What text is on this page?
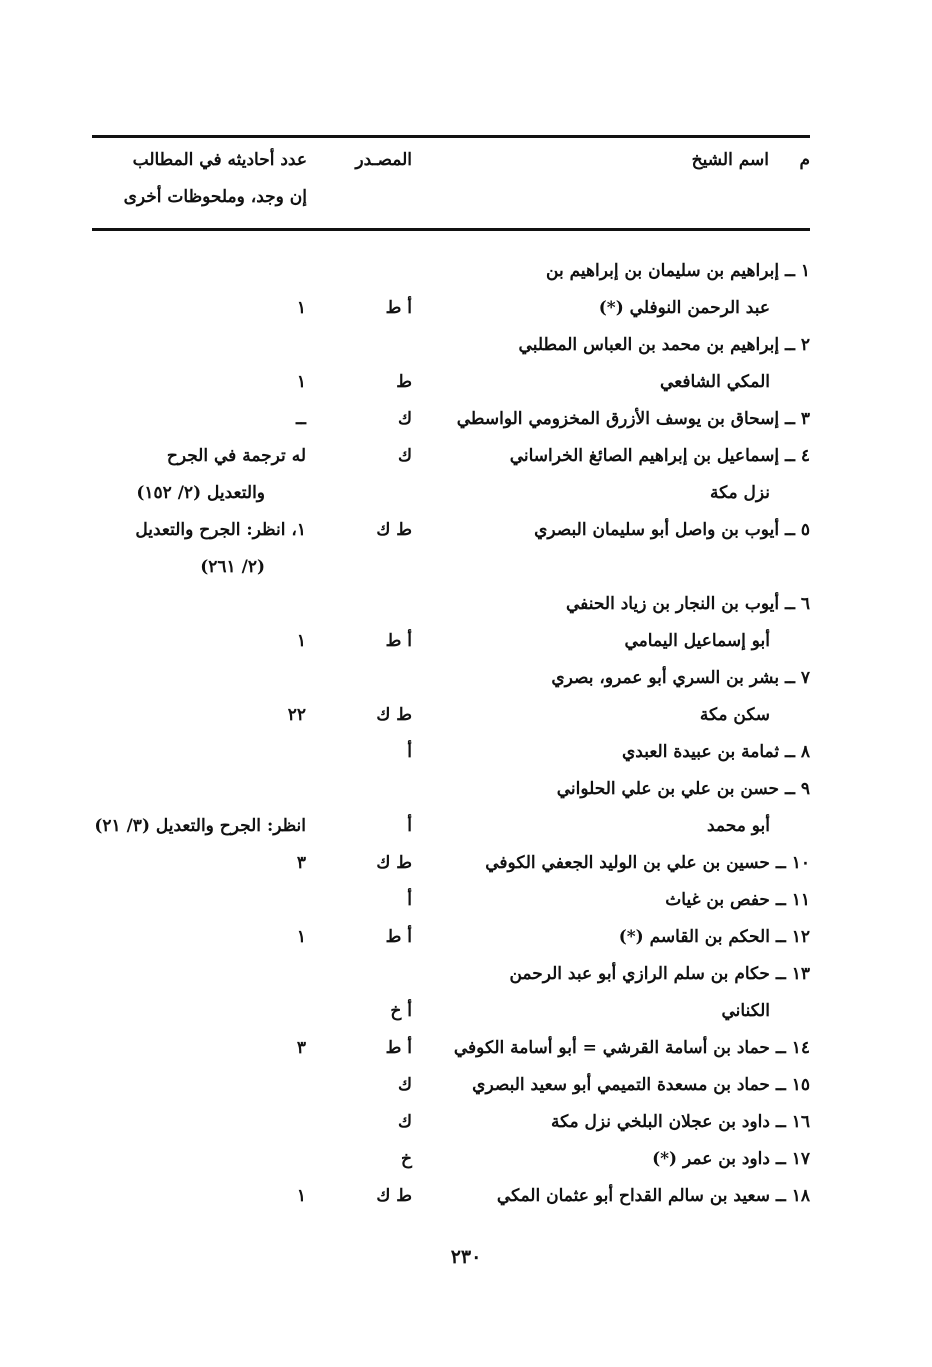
م
اسم الشيخ
المصـدر
عدد أحاديثه في المطالب
إن وجد، وملحوظات أخرى
١ ــ إبراهيم بن سليمان بن إبراهيم بن
عبد الرحمن النوفلي (*)
أ ط
١
٢ ــ إبراهيم بن محمد بن العباس المطلبي
المكي الشافعي
ط
١
٣ ــ إسحاق بن يوسف الأزرق المخزومي الواسطي
ك
ــ
٤ ــ إسماعيل بن إبراهيم الصائغ الخراساني
ك
له ترجمة في الجرح
نزل مكة
والتعديل (٢/ ١٥٢)
٥ ــ أيوب بن واصل أبو سليمان البصري
ط ك
١، انظر: الجرح والتعديل
(٢/ ٢٦١)
٦ ــ أيوب بن النجار بن زياد الحنفي
أبو إسماعيل اليمامي
أ ط
١
٧ ــ بشر بن السري أبو عمرو، بصري
سكن مكة
ط ك
٢٢
٨ ــ ثمامة بن عبيدة العبدي
أ
٩ ــ حسن بن علي بن علي الحلواني
أبو محمد
أ
انظر: الجرح والتعديل (٣/ ٢١)
١٠ ــ حسين بن علي بن الوليد الجعفي الكوفي
ط ك
٣
١١ ــ حفص بن غياث
أ
١٢ ــ الحكم بن القاسم (*)
أ ط
١
١٣ ــ حكام بن سلم الرازي أبو عبد الرحمن
الكناني
أ خ
١٤ ــ حماد بن أسامة القرشي = أبو أسامة الكوفي
أ ط
٣
١٥ ــ حماد بن مسعدة التميمي أبو سعيد البصري
ك
١٦ ــ داود بن عجلان البلخي نزل مكة
ك
١٧ ــ داود بن عمر (*)
خ
١٨ ــ سعيد بن سالم القداح أبو عثمان المكي
ط ك
١
٢٣٠
